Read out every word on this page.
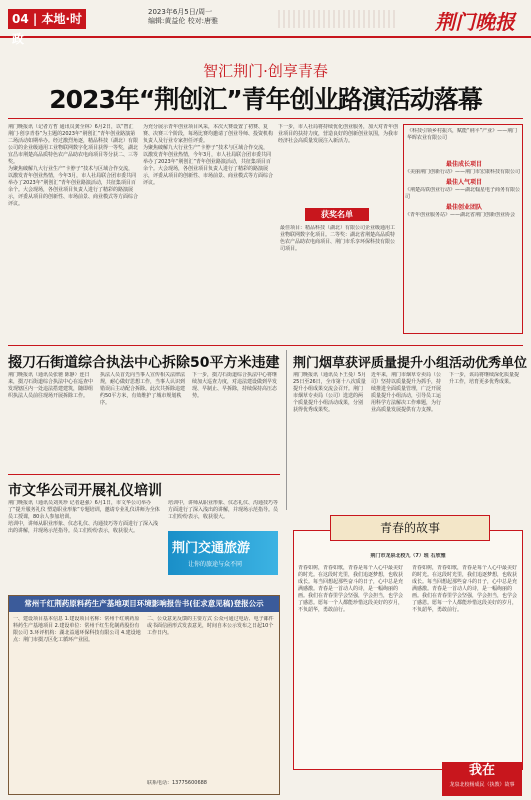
04 | 本地·时政
2023年6月5日/周一
编辑:黄益伦 校对:唐雅	荆门晚报
智汇荆门·创享青春
2023年“荆创汇”青年创业路演活动落幕

荆门晚报讯（记者方哲 通讯员龚全林）6月2日，以“智汇荆门·创享青春”为主题的2023年“荆创汇”青年创业路演第二场活动如期举办。经过激烈角逐，精品科技（湖北）有限公司的企业级通用工业物联网数字化项目获得一等奖，湖北宜昌市荆楚高品质特色农产品助农电商项目等分获二、三等奖。

为聚焦破解九大行业生产“卡脖子”技术与区域合作交流，以激发青年创业热情，今年3月，市人社局联合团市委共同举办了2023年“荆创汇”青年创业路演活动，共征集项目百余个。大会现场，各创业项目负责人进行了精彩的路演展示，评委从项目的创新性、市场前景、商业模式等方面综合评议。

为充分展示青年创业项目风采，本次大赛设置了初赛、复赛、决赛三个阶段，每场比赛均邀请了创业导师、投资机构负责人及行业专家担任评委。

为聚焦破解九大行业生产“卡脖子”技术与区域合作交流，以激发青年创业热情，今年3月，市人社局联合团市委共同举办了2023年“荆创汇”青年创业路演活动，共征集项目百余个。大会现场，各创业项目负责人进行了精彩的路演展示，评委从项目的创新性、市场前景、商业模式等方面综合评议。

下一步，市人社局将持续优化创业服务，加大对青年创业项目的扶持力度，营造良好的创新创业氛围，为我市经济社会高质量发展注入新活力。

获奖名单

最佳项目：精品科技（湖北）有限公司企业级通用工业物联网数字化项目。二等奖：湖北省荆楚高品质特色农产品助农电商项目、荆门市乐享环保科技有限公司项目。

《科技引领乡村振兴，赋能“荆平”产业》——荆门华晖农业有限公司
最佳成长项目
《美丽荆门创新行动》——荆门市宏康科技有限公司
最佳人气项目
《荆楚高铁创业行动》——湖北翰星电子商务有限公司
最佳创业团队
《青年创业服务站》——湖北省荆门创新创业协会
掇刀石街道综合执法中心拆除50平方米违建

荆门晚报讯（通讯员张驰 陈静）连日来，掇刀石街道综合执法中心在巡查中发现辖区内一处违法搭建建筑，随即组织执法人员前往现场开展拆除工作。

执法人员首先向当事人宣传相关法律法规，耐心做好思想工作，当事人认识到错误后主动配合拆除。此次共拆除违建约50平方米，有效维护了城市规划秩序。

下一步，掇刀石街道综合执法中心将继续加大巡查力度，对违法建设做到早发现、早制止、早拆除，持续保持高压态势。

荆门烟草获评质量提升小组活动优秀单位

荆门晚报讯（通讯员卜王曼）5月25日至26日，全市第十八次质量提升小组成果交流会召开。荆门市烟草专卖局（公司）选送的两个质量提升小组活动成果，分别获得优秀成果奖。

近年来，荆门市烟草专卖局（公司）坚持以质量提升为抓手，持续推进全面质量管理，广泛开展质量提升小组活动，引导员工运用科学方法解决工作难题，为行业高质量发展提供有力支撑。

下一步，该局将继续深化质量提升工作，培育更多优秀成果。

市文华公司开展礼仪培训

荆门晚报讯（通讯员刘英珍 记者赵强）6月1日，市文华公司举办了“提升服务礼仪 塑造职业形象”专题培训，邀请专业礼仪讲师为全体员工授课，80余人参加培训。

培训中，讲师从职业形象、仪态礼仪、沟通技巧等方面进行了深入浅出的讲解，并现场示范指导。员工们纷纷表示，收获很大。

培训中，讲师从职业形象、仪态礼仪、沟通技巧等方面进行了深入浅出的讲解，并现场示范指导。员工们纷纷表示，收获很大。

荆门交通旅游
让你的旅途与众不同
常州千红荆药原料药生产基地项目环境影响报告书(征求意见稿)登报公示
一、建设项目基本信息 1.建设项目名称：常州千红荆药原料药生产基地项目 2.建设单位：常州千红生化制药股份有限公司 3.环评机构：湖北益通环保科技有限公司 4.建设地点：荆门市掇刀区化工循环产业园。
二、公众意见反馈的主要方式 公众可通过电话、电子邮件或书面信函形式发表意见，时间自本公示发布之日起10个工作日内。
联系电话：13775600688
荆门市龙泉北校九（7）班 石欣雅
青春如树，青春如歌，青春是每个人心中最美好的时光。在这段时光里，我们追逐梦想，也收获成长。每当回想起那些奋斗的日子，心中总是充满感激。青春是一首动人的诗，是一幅绚丽的画。我们在青春里学会坚强，学会担当，也学会了感恩。愿每一个人都能珍惜这段美好的岁月，不负韶华，勇敢前行。
青春如树，青春如歌，青春是每个人心中最美好的时光。在这段时光里，我们追逐梦想，也收获成长。每当回想起那些奋斗的日子，心中总是充满感激。青春是一首动人的诗，是一幅绚丽的画。我们在青春里学会坚强，学会担当，也学会了感恩。愿每一个人都能珍惜这段美好的岁月，不负韶华，勇敢前行。
青春的故事
我在
龙泉北校杨成民（执教）故事
